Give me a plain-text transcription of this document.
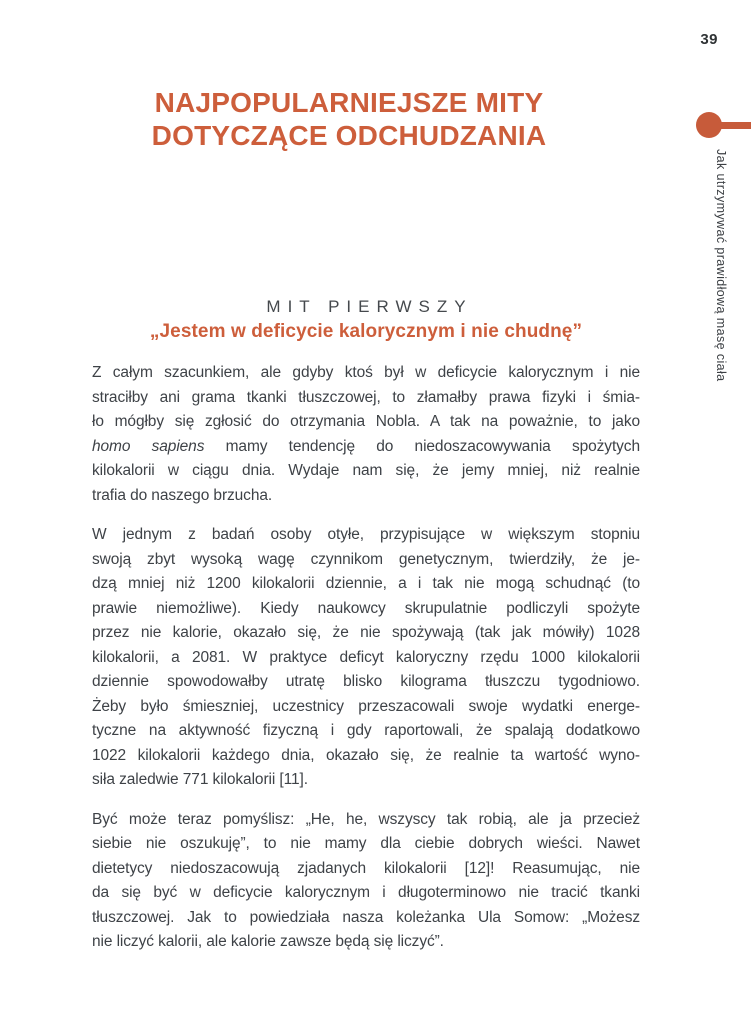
39
Jak utrzymywać prawidłową masę ciała
NAJPOPULARNIEJSZE MITY
DOTYCZĄCE ODCHUDZANIA
MIT PIERWSZY
„Jestem w deficycie kalorycznym i nie chudnę”

Z całym szacunkiem, ale gdyby ktoś był w deficycie kalorycznym i nie
straciłby ani grama tkanki tłuszczowej, to złamałby prawa fizyki i śmia-
ło mógłby się zgłosić do otrzymania Nobla. A tak na poważnie, to jako
homo sapiens mamy tendencję do niedoszacowywania spożytych
kilokalorii w ciągu dnia. Wydaje nam się, że jemy mniej, niż realnie
trafia do naszego brzucha.

W jednym z badań osoby otyłe, przypisujące w większym stopniu
swoją zbyt wysoką wagę czynnikom genetycznym, twierdziły, że je-
dzą mniej niż 1200 kilokalorii dziennie, a i tak nie mogą schudnąć (to
prawie niemożliwe). Kiedy naukowcy skrupulatnie podliczyli spożyte
przez nie kalorie, okazało się, że nie spożywają (tak jak mówiły) 1028
kilokalorii, a 2081. W praktyce deficyt kaloryczny rzędu 1000 kilokalorii
dziennie spowodowałby utratę blisko kilograma tłuszczu tygodniowo.
Żeby było śmieszniej, uczestnicy przeszacowali swoje wydatki energe-
tyczne na aktywność fizyczną i gdy raportowali, że spalają dodatkowo
1022 kilokalorii każdego dnia, okazało się, że realnie ta wartość wyno-
siła zaledwie 771 kilokalorii [11].

Być może teraz pomyślisz: „He, he, wszyscy tak robią, ale ja przecież
siebie nie oszukuję”, to nie mamy dla ciebie dobrych wieści. Nawet
dietetycy niedoszacowują zjadanych kilokalorii [12]! Reasumując, nie
da się być w deficycie kalorycznym i długoterminowo nie tracić tkanki
tłuszczowej. Jak to powiedziała nasza koleżanka Ula Somow: „Możesz
nie liczyć kalorii, ale kalorie zawsze będą się liczyć”.
